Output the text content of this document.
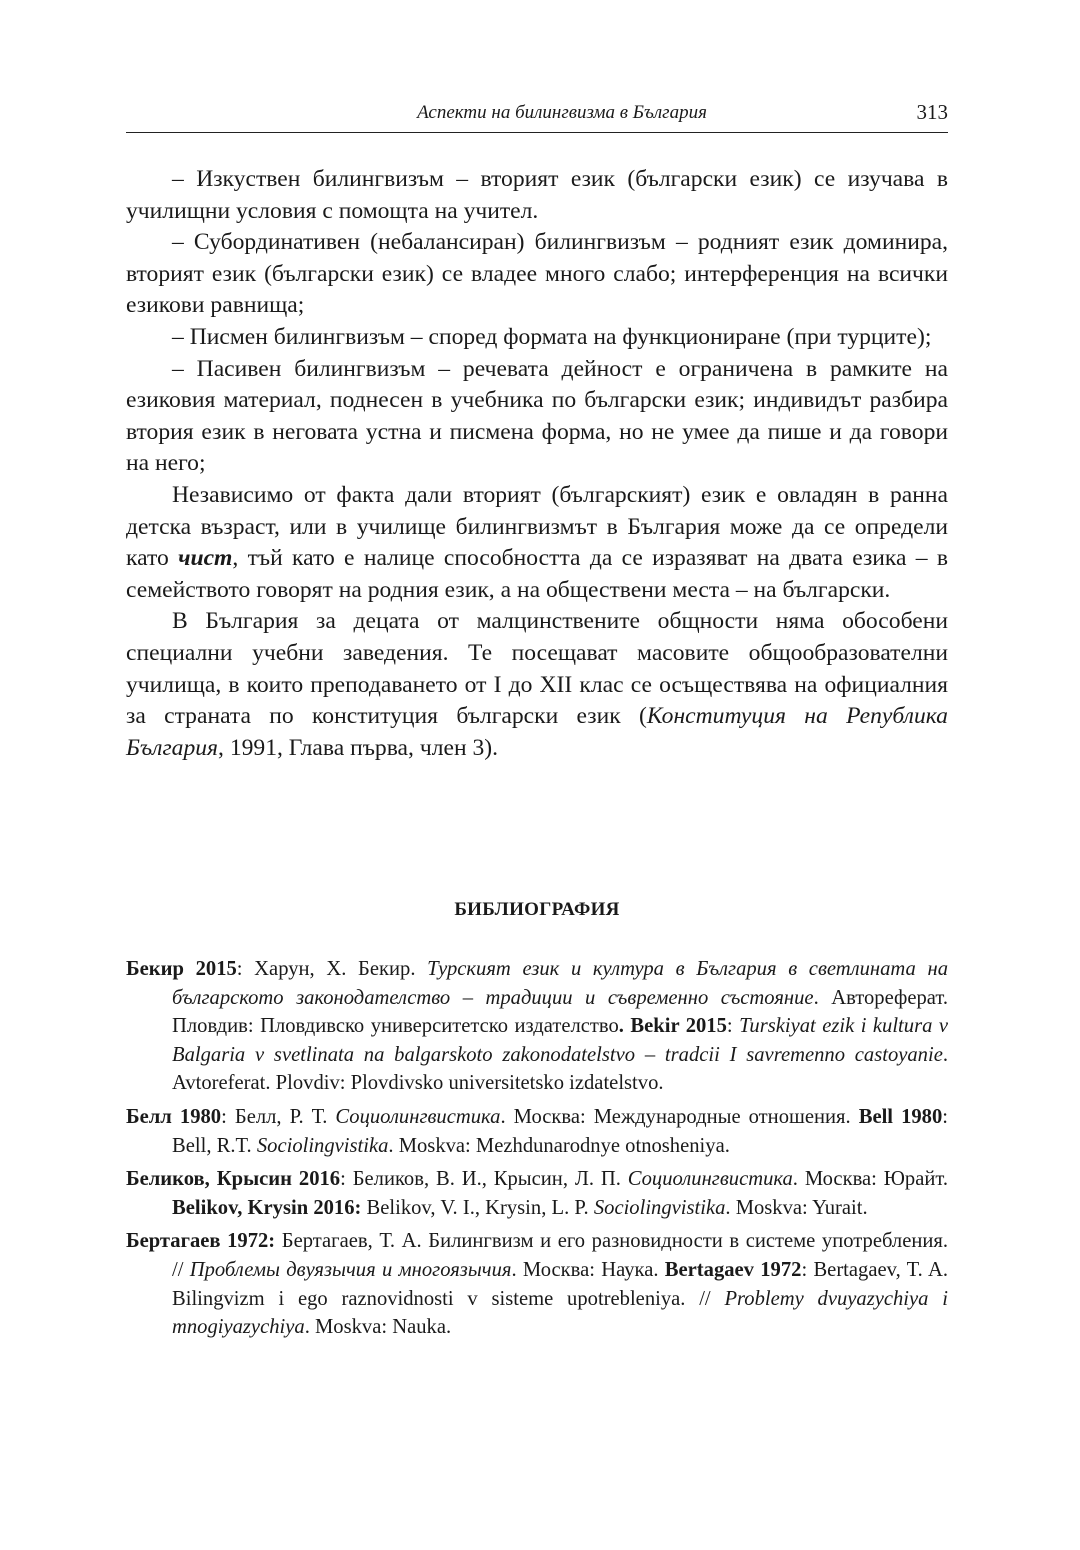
Аспекти на билингвизма в България	313

– Изкуствен билингвизъм – вторият език (български език) се изучава в училищни условия с помощта на учител.

– Субординативен (небалансиран) билингвизъм – родният език доминира, вторият език (български език) се владее много слабо; интерференция на всички езикови равнища;

– Писмен билингвизъм – според формата на функциониране (при турците);

– Пасивен билингвизъм – речевата дейност е ограничена в рамките на езиковия материал, поднесен в учебника по български език; индивидът разбира втория език в неговата устна и писмена форма, но не умее да пише и да говори на него;

Независимо от факта дали вторият (българският) език е овладян в ранна детска възраст, или в училище билингвизмът в България може да се определи като чист, тъй като е налице способността да се изразяват на двата езика – в семейството говорят на родния език, а на обществени места – на български.

В България за децата от малцинствените общности няма обособени специални учебни заведения. Те посещават масовите общообразователни училища, в които преподаването от I до XII клас се осъществява на официалния за страната по конституция български език (Конституция на Република България, 1991, Глава първа, член 3).

БИБЛИОГРАФИЯ

Бекир 2015: Харун, Х. Бекир. Турският език и култура в България в светлината на българското законодателство – традиции и съвременно състояние. Автореферат. Пловдив: Пловдивско университетско издателство. Bekir 2015: Turskiyat ezik i kultura v Balgaria v svetlinata na balgarskoto zakonodatelstvo – tradcii I savremenno castoyanie. Avtoreferat. Plovdiv: Plovdivsko universitetsko izdatelstvo.

Белл 1980: Белл, Р. Т. Социолингвистика. Москва: Международные отношения. Bell 1980: Bell, R.T. Sociolingvistika. Moskva: Mezhdunarodnye otnosheniya.

Беликов, Крысин 2016: Беликов, В. И., Крысин, Л. П. Социолингвистика. Москва: Юрайт. Belikov, Krysin 2016: Belikov, V. I., Krysin, L. P. Sociolingvistika. Moskva: Yurait.

Бертагаев 1972: Бертагаев, Т. А. Билингвизм и его разновидности в системе употребления. // Проблемы двуязычия и многоязычия. Москва: Наука. Bertagaev 1972: Bertagaev, T. A. Bilingvizm i ego raznovidnosti v sisteme upotrebleniya. // Problemy dvuyazychiya i mnogiyazychiya. Moskva: Nauka.
